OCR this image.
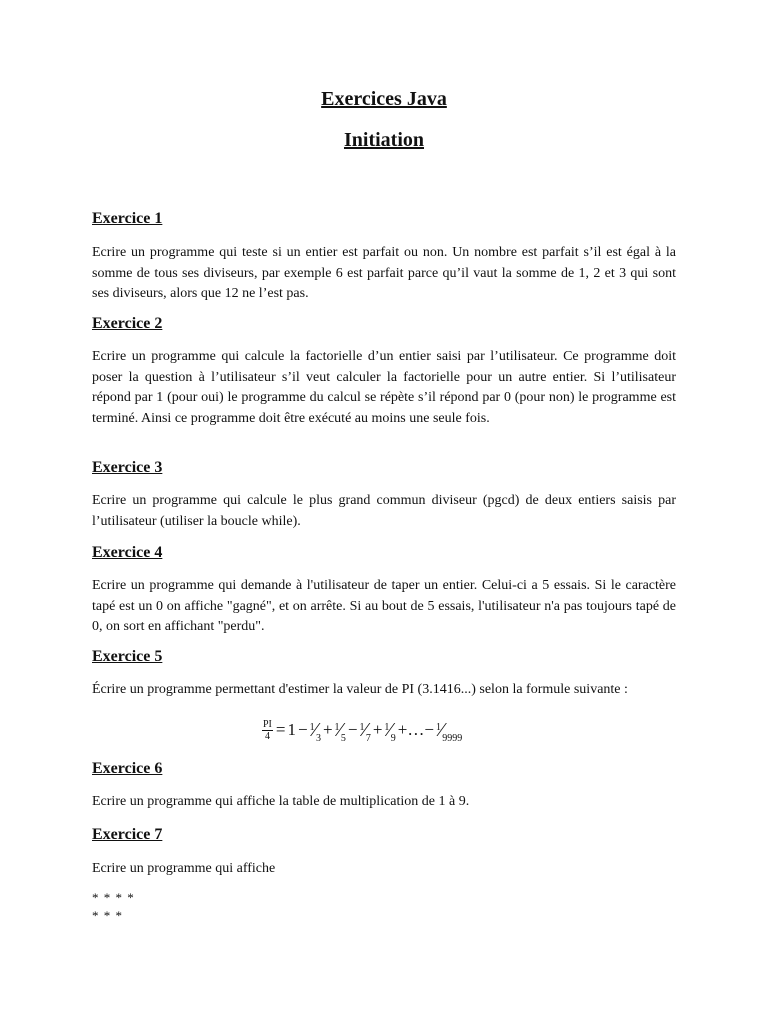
Exercices Java
Initiation
Exercice 1

Ecrire un programme qui teste si un entier est parfait ou non. Un nombre est parfait s’il est égal à la somme de tous ses diviseurs, par exemple 6 est parfait parce qu’il vaut la somme de 1, 2 et 3 qui sont ses diviseurs, alors que 12 ne l’est pas.

Exercice 2

Ecrire un programme qui calcule la factorielle d’un entier saisi par l’utilisateur. Ce programme doit poser la question à l’utilisateur s’il veut calculer la factorielle pour un autre entier. Si l’utilisateur répond par 1 (pour oui) le programme du calcul se répète s’il répond par 0 (pour non) le programme est terminé. Ainsi ce programme doit être exécuté au moins une seule fois.

Exercice 3

Ecrire un programme qui calcule le plus grand commun diviseur (pgcd) de deux entiers saisis par l’utilisateur (utiliser la boucle while).

Exercice 4

Ecrire un programme qui demande à l'utilisateur de taper un entier. Celui-ci a 5 essais. Si le caractère tapé est un 0 on affiche "gagné", et on arrête. Si au bout de 5 essais, l'utilisateur n'a pas toujours tapé de 0, on sort en affichant "perdu".

Exercice 5

Écrire un programme permettant d'estimer la valeur de PI (3.1416...) selon la formule suivante :

$\frac{PI}{4} = 1$ − 1⁄3 + 1⁄5 − 1⁄7 + 1⁄9 +…− 1⁄9999
Exercice 6

Ecrire un programme qui affiche la table de multiplication de 1 à 9.

Exercice 7

Ecrire un programme qui affiche

* * * *
* * *
